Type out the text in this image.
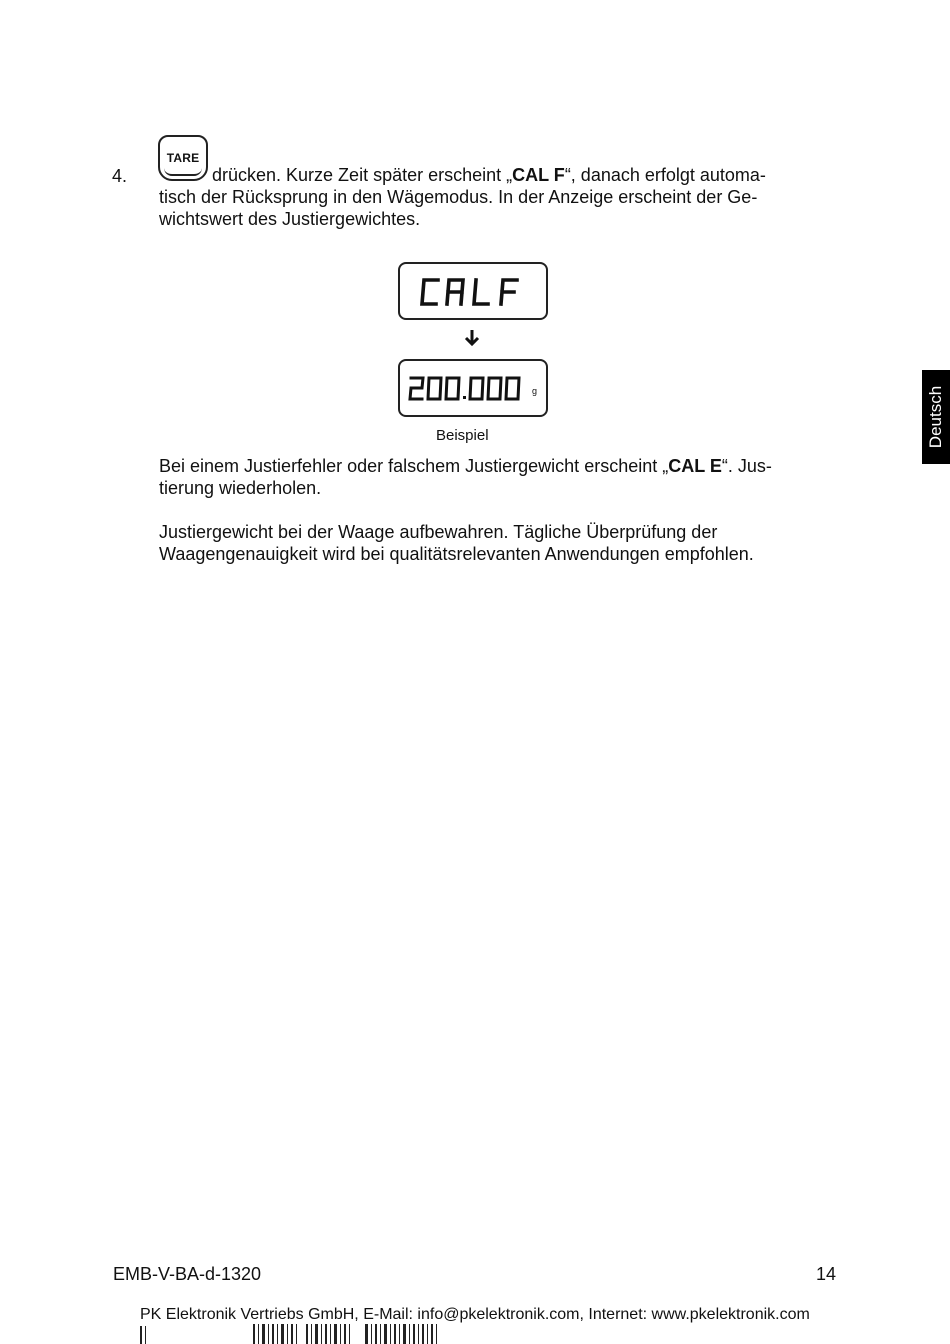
4.
TARE
drücken. Kurze Zeit später erscheint „CAL F“, danach erfolgt automa-
tisch der Rücksprung in den Wägemodus. In der Anzeige erscheint der Ge-
wichtswert des Justiergewichtes.
g
Beispiel
Bei einem Justierfehler oder falschem Justiergewicht erscheint „CAL E“. Jus-
tierung wiederholen.
Justiergewicht bei der Waage aufbewahren. Tägliche Überprüfung der
Waagengenauigkeit wird bei qualitätsrelevanten Anwendungen empfohlen.
Deutsch
EMB-V-BA-d-1320	14
PK Elektronik Vertriebs GmbH, E-Mail: info@pkelektronik.com, Internet: www.pkelektronik.com
